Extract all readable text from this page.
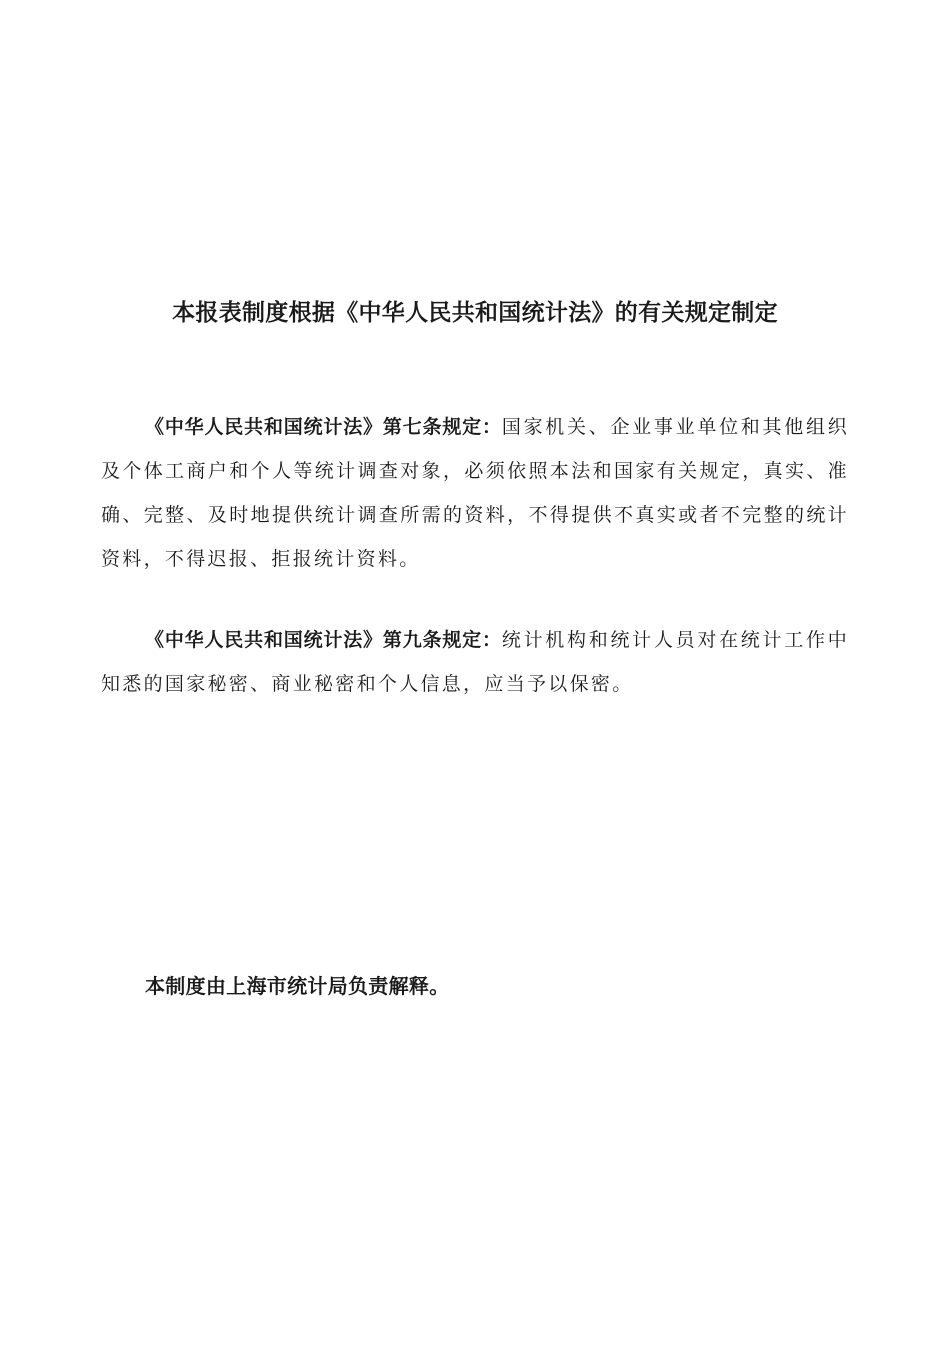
本报表制度根据《中华人民共和国统计法》的有关规定制定

《中华人民共和国统计法》第七条规定：国家机关、企业事业单位和其他组织及个体工商户和个人等统计调查对象，必须依照本法和国家有关规定，真实、准确、完整、及时地提供统计调查所需的资料，不得提供不真实或者不完整的统计资料，不得迟报、拒报统计资料。

《中华人民共和国统计法》第九条规定：统计机构和统计人员对在统计工作中知悉的国家秘密、商业秘密和个人信息，应当予以保密。

本制度由上海市统计局负责解释。
